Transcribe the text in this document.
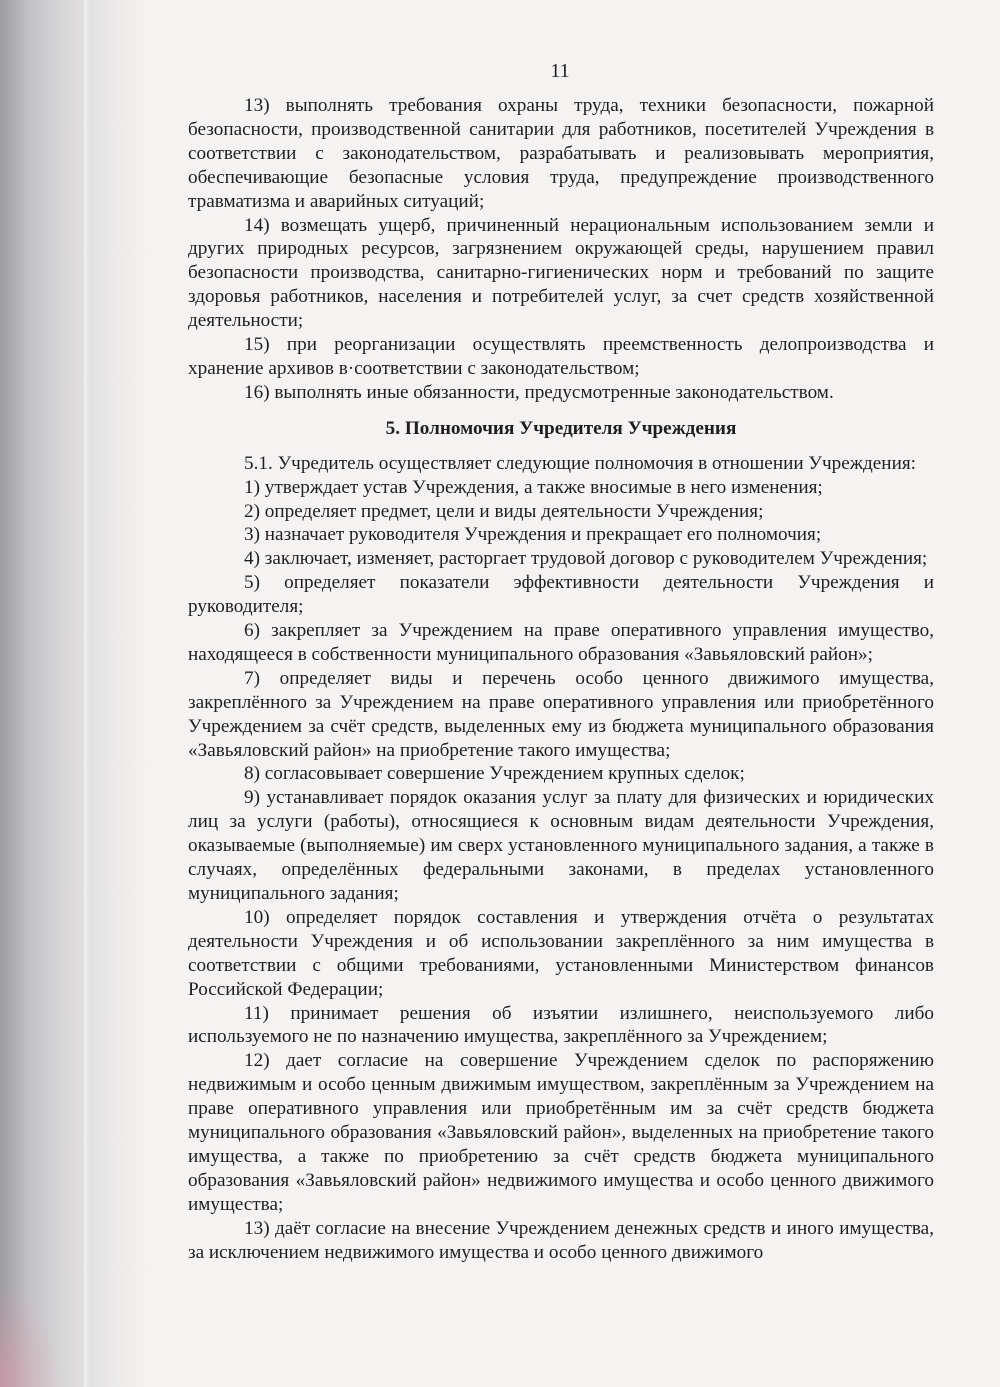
11

13) выполнять требования охраны труда, техники безопасности, пожарной безопасности, производственной санитарии для работников, посетителей Учреждения в соответствии с законодательством, разрабатывать и реализовывать мероприятия, обеспечивающие безопасные условия труда, предупреждение производственного травматизма и аварийных ситуаций;

14) возмещать ущерб, причиненный нерациональным использованием земли и других природных ресурсов, загрязнением окружающей среды, нарушением правил безопасности производства, санитарно-гигиенических норм и требований по защите здоровья работников, населения и потребителей услуг, за счет средств хозяйственной деятельности;

15) при реорганизации осуществлять преемственность делопроизводства и хранение архивов в·соответствии с законодательством;

16) выполнять иные обязанности, предусмотренные законодательством.

5. Полномочия Учредителя Учреждения

5.1. Учредитель осуществляет следующие полномочия в отношении Учреждения:

1) утверждает устав Учреждения, а также вносимые в него изменения;

2) определяет предмет, цели и виды деятельности Учреждения;

3) назначает руководителя Учреждения и прекращает его полномочия;

4) заключает, изменяет, расторгает трудовой договор с руководителем Учреждения;

5) определяет показатели эффективности деятельности Учреждения и руководителя;

6) закрепляет за Учреждением на праве оперативного управления имущество, находящееся в собственности муниципального образования «Завьяловский район»;

7) определяет виды и перечень особо ценного движимого имущества, закреплённого за Учреждением на праве оперативного управления или приобретённого Учреждением за счёт средств, выделенных ему из бюджета муниципального образования «Завьяловский район» на приобретение такого имущества;

8) согласовывает совершение Учреждением крупных сделок;

9) устанавливает порядок оказания услуг за плату для физических и юридических лиц за услуги (работы), относящиеся к основным видам деятельности Учреждения, оказываемые (выполняемые) им сверх установленного муниципального задания, а также в случаях, определённых федеральными законами, в пределах установленного муниципального задания;

10) определяет порядок составления и утверждения отчёта о результатах деятельности Учреждения и об использовании закреплённого за ним имущества в соответствии с общими требованиями, установленными Министерством финансов Российской Федерации;

11) принимает решения об изъятии излишнего, неиспользуемого либо используемого не по назначению имущества, закреплённого за Учреждением;

12) дает согласие на совершение Учреждением сделок по распоряжению недвижимым и особо ценным движимым имуществом, закреплённым за Учреждением на праве оперативного управления или приобретённым им за счёт средств бюджета муниципального образования «Завьяловский район», выделенных на приобретение такого имущества, а также по приобретению за счёт средств бюджета муниципального образования «Завьяловский район» недвижимого имущества и особо ценного движимого имущества;

13) даёт согласие на внесение Учреждением денежных средств и иного имущества, за исключением недвижимого имущества и особо ценного движимого
